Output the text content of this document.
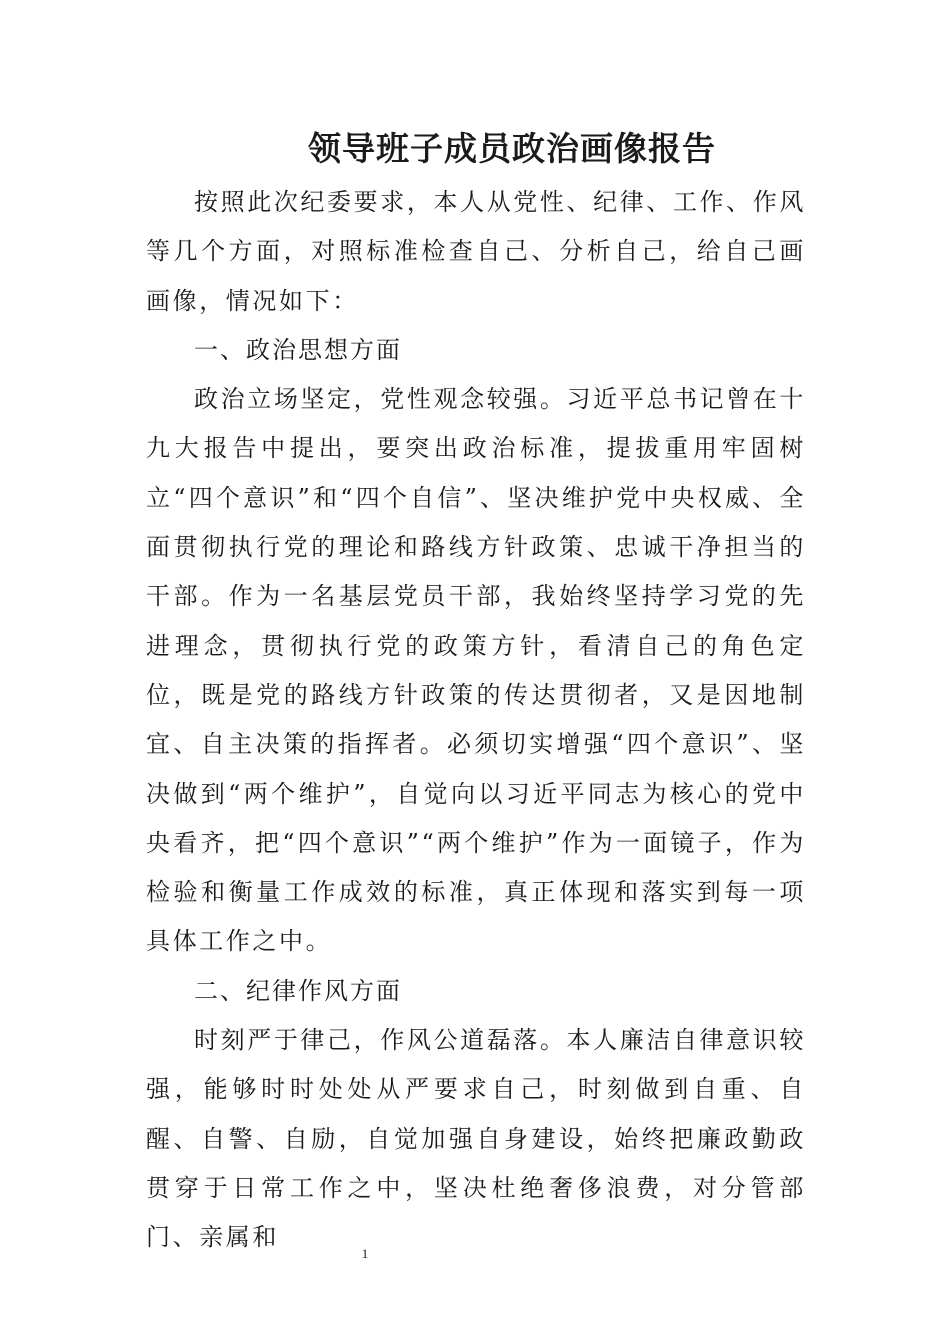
领导班子成员政治画像报告

按照此次纪委要求，本人从党性、纪律、工作、作风等几个方面，对照标准检查自己、分析自己，给自己画画像，情况如下：

一、政治思想方面

政治立场坚定，党性观念较强。习近平总书记曾在十九大报告中提出，要突出政治标准，提拔重用牢固树立“四个意识”和“四个自信”、坚决维护党中央权威、全面贯彻执行党的理论和路线方针政策、忠诚干净担当的干部。作为一名基层党员干部，我始终坚持学习党的先进理念，贯彻执行党的政策方针，看清自己的角色定位，既是党的路线方针政策的传达贯彻者，又是因地制宜、自主决策的指挥者。必须切实增强“四个意识”、坚决做到“两个维护”，自觉向以习近平同志为核心的党中央看齐，把“四个意识”“两个维护”作为一面镜子，作为检验和衡量工作成效的标准，真正体现和落实到每一项具体工作之中。

二、纪律作风方面

时刻严于律己，作风公道磊落。本人廉洁自律意识较强，能够时时处处从严要求自己，时刻做到自重、自醒、自警、自励，自觉加强自身建设，始终把廉政勤政贯穿于日常工作之中，坚决杜绝奢侈浪费，对分管部门、亲属和

1
